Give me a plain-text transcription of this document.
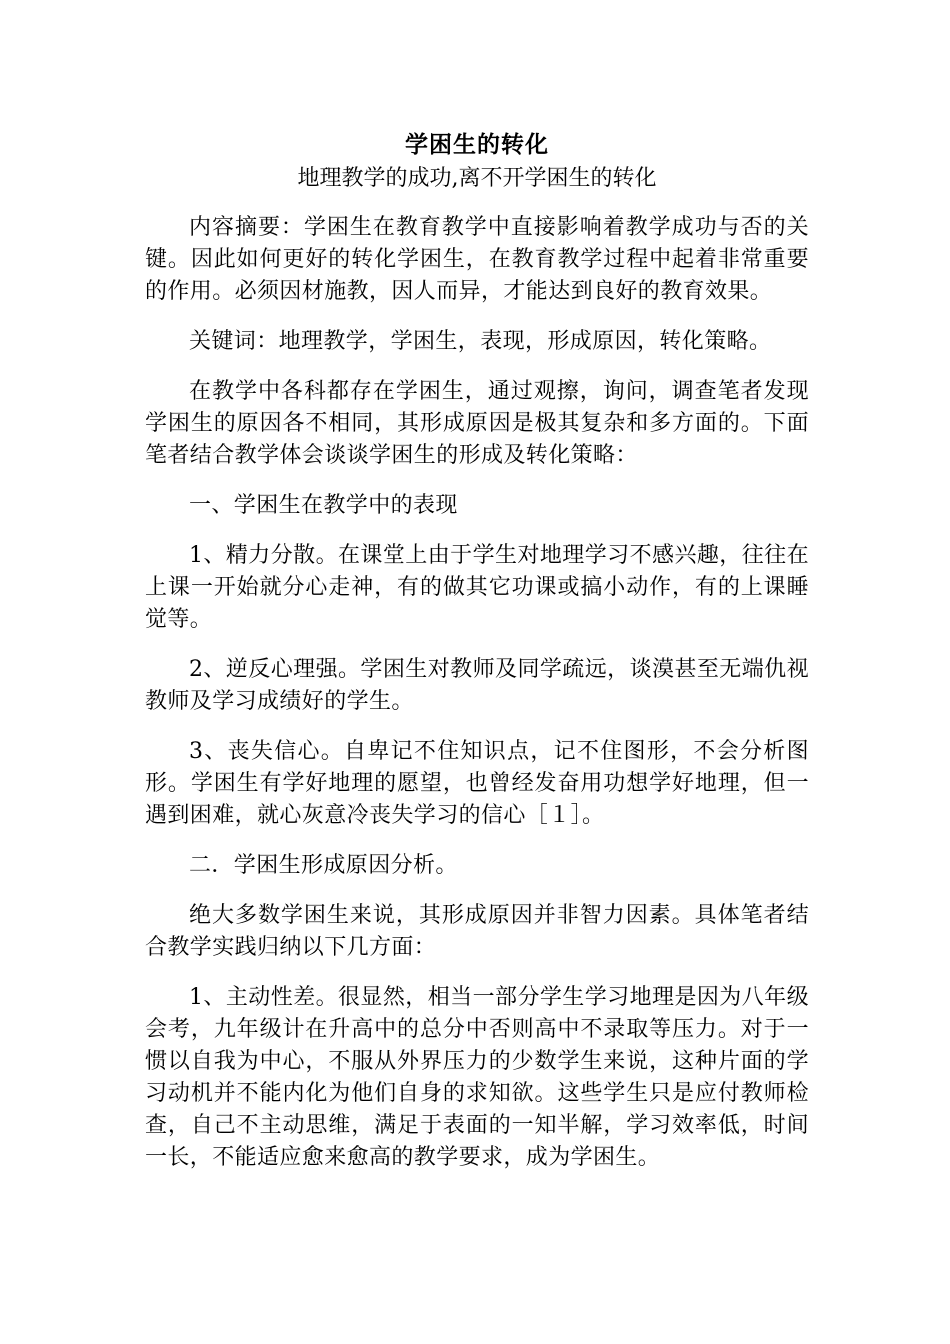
学困生的转化

地理教学的成功,离不开学困生的转化

内容摘要：学困生在教育教学中直接影响着教学成功与否的关键。因此如何更好的转化学困生，在教育教学过程中起着非常重要的作用。必须因材施教，因人而异，才能达到良好的教育效果。

关键词：地理教学，学困生，表现，形成原因，转化策略。

在教学中各科都存在学困生，通过观擦，询问，调查笔者发现学困生的原因各不相同，其形成原因是极其复杂和多方面的。下面笔者结合教学体会谈谈学困生的形成及转化策略：

一、学困生在教学中的表现

1、精力分散。在课堂上由于学生对地理学习不感兴趣，往往在上课一开始就分心走神，有的做其它功课或搞小动作，有的上课睡觉等。

2、逆反心理强。学困生对教师及同学疏远，谈漠甚至无端仇视教师及学习成绩好的学生。

3、丧失信心。自卑记不住知识点，记不住图形，不会分析图形。学困生有学好地理的愿望，也曾经发奋用功想学好地理，但一遇到困难，就心灰意冷丧失学习的信心［１］。

二．学困生形成原因分析。

绝大多数学困生来说，其形成原因并非智力因素。具体笔者结合教学实践归纳以下几方面：

1、主动性差。很显然，相当一部分学生学习地理是因为八年级会考，九年级计在升高中的总分中否则高中不录取等压力。对于一惯以自我为中心，不服从外界压力的少数学生来说，这种片面的学习动机并不能内化为他们自身的求知欲。这些学生只是应付教师检查，自己不主动思维，满足于表面的一知半解，学习效率低，时间一长，不能适应愈来愈高的教学要求，成为学困生。
